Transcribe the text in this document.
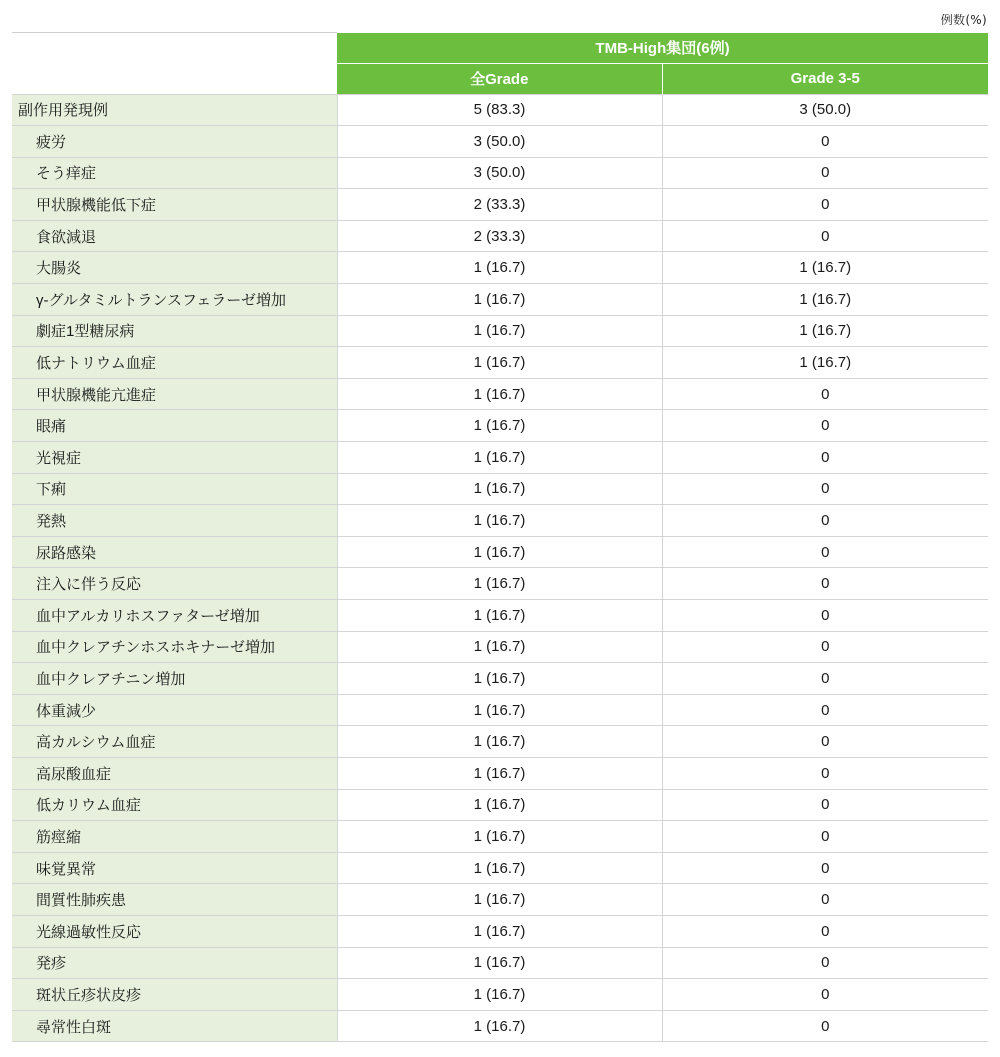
例数(%)
	TMB-High集団(6例)	
	全Grade	Grade 3-5
副作用発現例	5 (83.3)	3 (50.0)
疲労	3 (50.0)	0
そう痒症	3 (50.0)	0
甲状腺機能低下症	2 (33.3)	0
食欲減退	2 (33.3)	0
大腸炎	1 (16.7)	1 (16.7)
γ-グルタミルトランスフェラーゼ増加	1 (16.7)	1 (16.7)
劇症1型糖尿病	1 (16.7)	1 (16.7)
低ナトリウム血症	1 (16.7)	1 (16.7)
甲状腺機能亢進症	1 (16.7)	0
眼痛	1 (16.7)	0
光視症	1 (16.7)	0
下痢	1 (16.7)	0
発熱	1 (16.7)	0
尿路感染	1 (16.7)	0
注入に伴う反応	1 (16.7)	0
血中アルカリホスファターゼ増加	1 (16.7)	0
血中クレアチンホスホキナーゼ増加	1 (16.7)	0
血中クレアチニン増加	1 (16.7)	0
体重減少	1 (16.7)	0
高カルシウム血症	1 (16.7)	0
高尿酸血症	1 (16.7)	0
低カリウム血症	1 (16.7)	0
筋痙縮	1 (16.7)	0
味覚異常	1 (16.7)	0
間質性肺疾患	1 (16.7)	0
光線過敏性反応	1 (16.7)	0
発疹	1 (16.7)	0
斑状丘疹状皮疹	1 (16.7)	0
尋常性白斑	1 (16.7)	0
